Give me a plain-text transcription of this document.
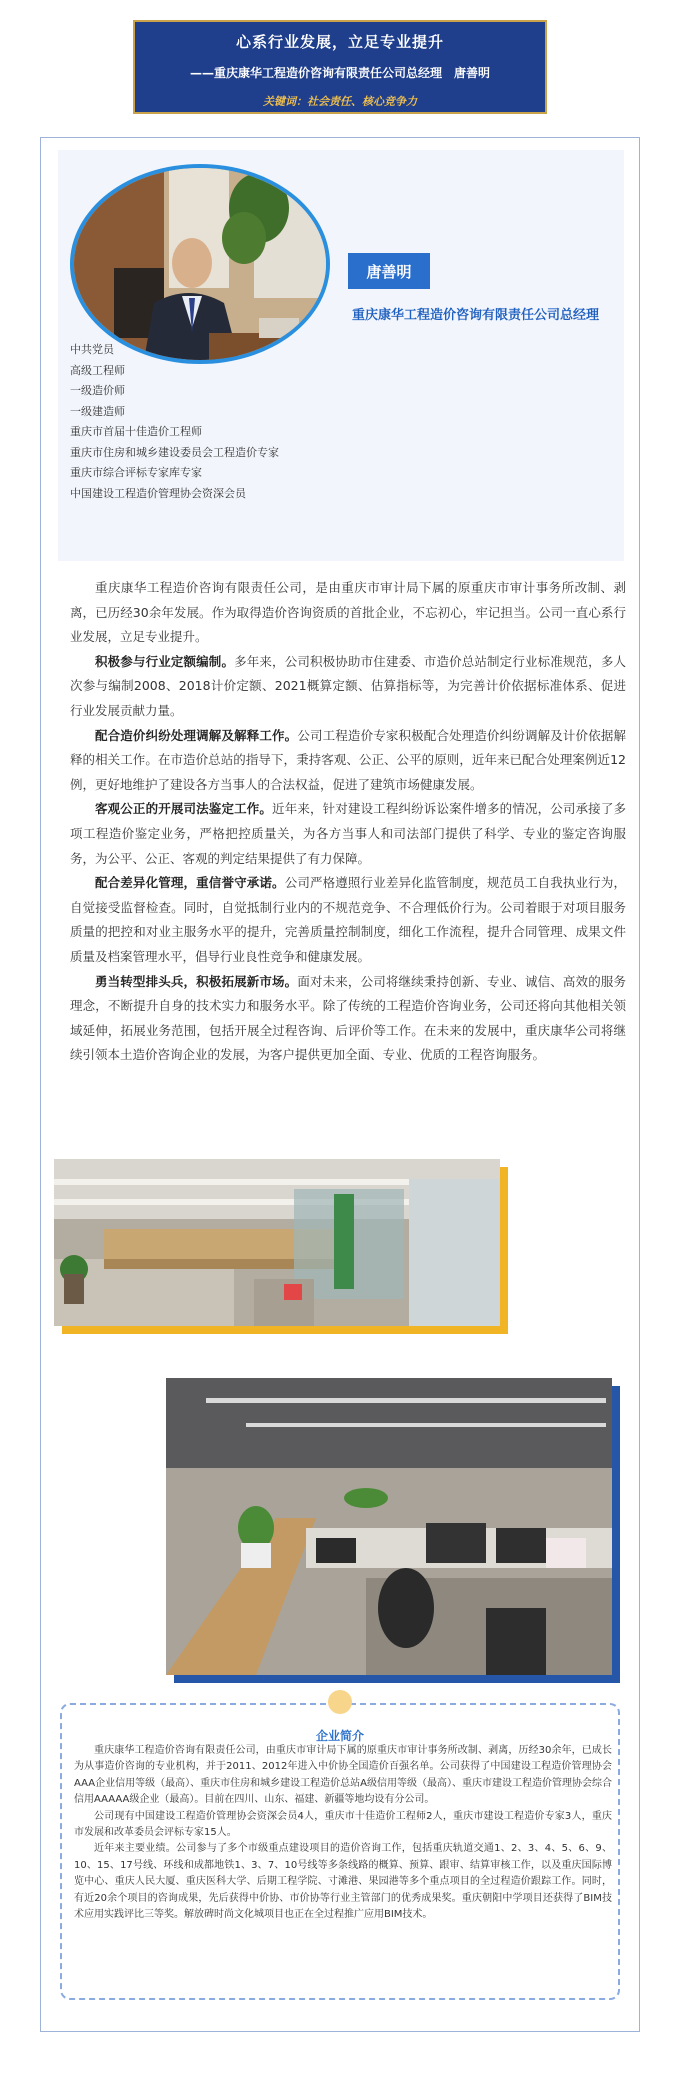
心系行业发展，立足专业提升
——重庆康华工程造价咨询有限责任公司总经理　唐善明
关键词：社会责任、核心竞争力
唐善明
重庆康华工程造价咨询有限责任公司总经理
中共党员
高级工程师
一级造价师
一级建造师
重庆市首届十佳造价工程师
重庆市住房和城乡建设委员会工程造价专家
重庆市综合评标专家库专家
中国建设工程造价管理协会资深会员

重庆康华工程造价咨询有限责任公司，是由重庆市审计局下属的原重庆市审计事务所改制、剥离，已历经30余年发展。作为取得造价咨询资质的首批企业，不忘初心，牢记担当。公司一直心系行业发展，立足专业提升。

积极参与行业定额编制。多年来，公司积极协助市住建委、市造价总站制定行业标准规范，多人次参与编制2008、2018计价定额、2021概算定额、估算指标等，为完善计价依据标准体系、促进行业发展贡献力量。

配合造价纠纷处理调解及解释工作。公司工程造价专家积极配合处理造价纠纷调解及计价依据解释的相关工作。在市造价总站的指导下，秉持客观、公正、公平的原则，近年来已配合处理案例近12例，更好地维护了建设各方当事人的合法权益，促进了建筑市场健康发展。

客观公正的开展司法鉴定工作。近年来，针对建设工程纠纷诉讼案件增多的情况，公司承接了多项工程造价鉴定业务，严格把控质量关，为各方当事人和司法部门提供了科学、专业的鉴定咨询服务，为公平、公正、客观的判定结果提供了有力保障。

配合差异化管理，重信誉守承诺。公司严格遵照行业差异化监管制度，规范员工自我执业行为，自觉接受监督检查。同时，自觉抵制行业内的不规范竞争、不合理低价行为。公司着眼于对项目服务质量的把控和对业主服务水平的提升，完善质量控制制度，细化工作流程，提升合同管理、成果文件质量及档案管理水平，倡导行业良性竞争和健康发展。

勇当转型排头兵，积极拓展新市场。面对未来，公司将继续秉持创新、专业、诚信、高效的服务理念，不断提升自身的技术实力和服务水平。除了传统的工程造价咨询业务，公司还将向其他相关领域延伸，拓展业务范围，包括开展全过程咨询、后评价等工作。在未来的发展中，重庆康华公司将继续引领本土造价咨询企业的发展，为客户提供更加全面、专业、优质的工程咨询服务。

企业简介

重庆康华工程造价咨询有限责任公司，由重庆市审计局下属的原重庆市审计事务所改制、剥离，历经30余年，已成长为从事造价咨询的专业机构，并于2011、2012年进入中价协全国造价百强名单。公司获得了中国建设工程造价管理协会AAA企业信用等级（最高）、重庆市住房和城乡建设工程造价总站A级信用等级（最高）、重庆市建设工程造价管理协会综合信用AAAAA级企业（最高）。目前在四川、山东、福建、新疆等地均设有分公司。

公司现有中国建设工程造价管理协会资深会员4人，重庆市十佳造价工程师2人，重庆市建设工程造价专家3人，重庆市发展和改革委员会评标专家15人。

近年来主要业绩。公司参与了多个市级重点建设项目的造价咨询工作，包括重庆轨道交通1、2、3、4、5、6、9、10、15、17号线、环线和成都地铁1、3、7、10号线等多条线路的概算、预算、跟审、结算审核工作，以及重庆国际博览中心、重庆人民大厦、重庆医科大学、后期工程学院、寸滩港、果园港等多个重点项目的全过程造价跟踪工作。同时，有近20余个项目的咨询成果，先后获得中价协、市价协等行业主管部门的优秀成果奖。重庆朝阳中学项目还获得了BIM技术应用实践评比三等奖。解放碑时尚文化城项目也正在全过程推广应用BIM技术。
